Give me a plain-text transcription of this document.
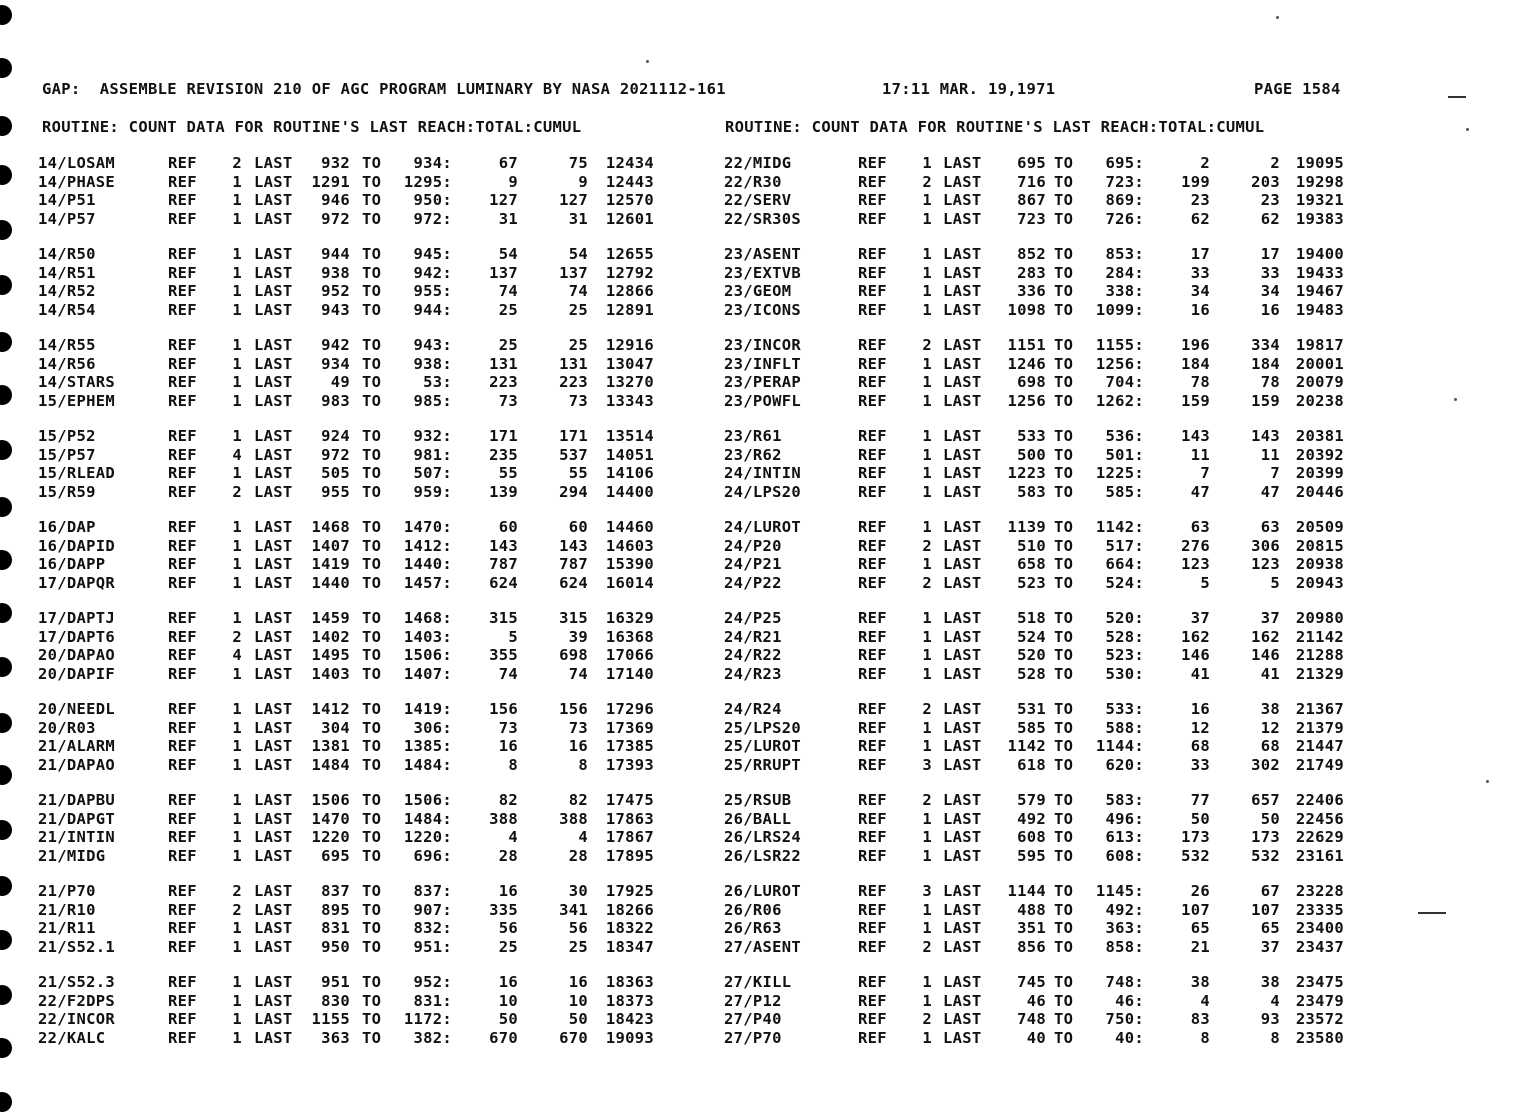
GAP:  ASSEMBLE REVISION 210 OF AGC PROGRAM LUMINARY BY NASA 2021112-161

	17:11 MAR. 19,1971

	PAGE 1584

ROUTINE: COUNT DATA FOR ROUTINE'S LAST REACH:TOTAL:CUMUL	ROUTINE: COUNT DATA FOR ROUTINE'S LAST REACH:TOTAL:CUMUL
14/LOSAM	REF	2 LAST	932 TO	934:	67	75	12434
14/PHASE	REF	1 LAST	1291 TO	1295:	9	9	12443
14/P51	REF	1 LAST	946 TO	950:	127	127	12570
14/P57	REF	1 LAST	972 TO	972:	31	31	12601
14/R50	REF	1 LAST	944 TO	945:	54	54	12655
14/R51	REF	1 LAST	938 TO	942:	137	137	12792
14/R52	REF	1 LAST	952 TO	955:	74	74	12866
14/R54	REF	1 LAST	943 TO	944:	25	25	12891
14/R55	REF	1 LAST	942 TO	943:	25	25	12916
14/R56	REF	1 LAST	934 TO	938:	131	131	13047
14/STARS	REF	1 LAST	49 TO	53:	223	223	13270
15/EPHEM	REF	1 LAST	983 TO	985:	73	73	13343
15/P52	REF	1 LAST	924 TO	932:	171	171	13514
15/P57	REF	4 LAST	972 TO	981:	235	537	14051
15/RLEAD	REF	1 LAST	505 TO	507:	55	55	14106
15/R59	REF	2 LAST	955 TO	959:	139	294	14400
16/DAP	REF	1 LAST	1468 TO	1470:	60	60	14460
16/DAPID	REF	1 LAST	1407 TO	1412:	143	143	14603
16/DAPP	REF	1 LAST	1419 TO	1440:	787	787	15390
17/DAPQR	REF	1 LAST	1440 TO	1457:	624	624	16014
17/DAPTJ	REF	1 LAST	1459 TO	1468:	315	315	16329
17/DAPT6	REF	2 LAST	1402 TO	1403:	5	39	16368
20/DAPAO	REF	4 LAST	1495 TO	1506:	355	698	17066
20/DAPIF	REF	1 LAST	1403 TO	1407:	74	74	17140
20/NEEDL	REF	1 LAST	1412 TO	1419:	156	156	17296
20/R03	REF	1 LAST	304 TO	306:	73	73	17369
21/ALARM	REF	1 LAST	1381 TO	1385:	16	16	17385
21/DAPAO	REF	1 LAST	1484 TO	1484:	8	8	17393
21/DAPBU	REF	1 LAST	1506 TO	1506:	82	82	17475
21/DAPGT	REF	1 LAST	1470 TO	1484:	388	388	17863
21/INTIN	REF	1 LAST	1220 TO	1220:	4	4	17867
21/MIDG	REF	1 LAST	695 TO	696:	28	28	17895
21/P70	REF	2 LAST	837 TO	837:	16	30	17925
21/R10	REF	2 LAST	895 TO	907:	335	341	18266
21/R11	REF	1 LAST	831 TO	832:	56	56	18322
21/S52.1	REF	1 LAST	950 TO	951:	25	25	18347
21/S52.3	REF	1 LAST	951 TO	952:	16	16	18363
22/F2DPS	REF	1 LAST	830 TO	831:	10	10	18373
22/INCOR	REF	1 LAST	1155 TO	1172:	50	50	18423
22/KALC	REF	1 LAST	363 TO	382:	670	670	19093
22/MIDG	REF	1 LAST	695 TO	695:	2	2	19095
22/R30	REF	2 LAST	716 TO	723:	199	203	19298
22/SERV	REF	1 LAST	867 TO	869:	23	23	19321
22/SR30S	REF	1 LAST	723 TO	726:	62	62	19383
23/ASENT	REF	1 LAST	852 TO	853:	17	17	19400
23/EXTVB	REF	1 LAST	283 TO	284:	33	33	19433
23/GEOM	REF	1 LAST	336 TO	338:	34	34	19467
23/ICONS	REF	1 LAST	1098 TO	1099:	16	16	19483
23/INCOR	REF	2 LAST	1151 TO	1155:	196	334	19817
23/INFLT	REF	1 LAST	1246 TO	1256:	184	184	20001
23/PERAP	REF	1 LAST	698 TO	704:	78	78	20079
23/POWFL	REF	1 LAST	1256 TO	1262:	159	159	20238
23/R61	REF	1 LAST	533 TO	536:	143	143	20381
23/R62	REF	1 LAST	500 TO	501:	11	11	20392
24/INTIN	REF	1 LAST	1223 TO	1225:	7	7	20399
24/LPS20	REF	1 LAST	583 TO	585:	47	47	20446
24/LUROT	REF	1 LAST	1139 TO	1142:	63	63	20509
24/P20	REF	2 LAST	510 TO	517:	276	306	20815
24/P21	REF	1 LAST	658 TO	664:	123	123	20938
24/P22	REF	2 LAST	523 TO	524:	5	5	20943
24/P25	REF	1 LAST	518 TO	520:	37	37	20980
24/R21	REF	1 LAST	524 TO	528:	162	162	21142
24/R22	REF	1 LAST	520 TO	523:	146	146	21288
24/R23	REF	1 LAST	528 TO	530:	41	41	21329
24/R24	REF	2 LAST	531 TO	533:	16	38	21367
25/LPS20	REF	1 LAST	585 TO	588:	12	12	21379
25/LUROT	REF	1 LAST	1142 TO	1144:	68	68	21447
25/RRUPT	REF	3 LAST	618 TO	620:	33	302	21749
25/RSUB	REF	2 LAST	579 TO	583:	77	657	22406
26/BALL	REF	1 LAST	492 TO	496:	50	50	22456
26/LRS24	REF	1 LAST	608 TO	613:	173	173	22629
26/LSR22	REF	1 LAST	595 TO	608:	532	532	23161
26/LUROT	REF	3 LAST	1144 TO	1145:	26	67	23228
26/R06	REF	1 LAST	488 TO	492:	107	107	23335
26/R63	REF	1 LAST	351 TO	363:	65	65	23400
27/ASENT	REF	2 LAST	856 TO	858:	21	37	23437
27/KILL	REF	1 LAST	745 TO	748:	38	38	23475
27/P12	REF	1 LAST	46 TO	46:	4	4	23479
27/P40	REF	2 LAST	748 TO	750:	83	93	23572
27/P70	REF	1 LAST	40 TO	40:	8	8	23580
